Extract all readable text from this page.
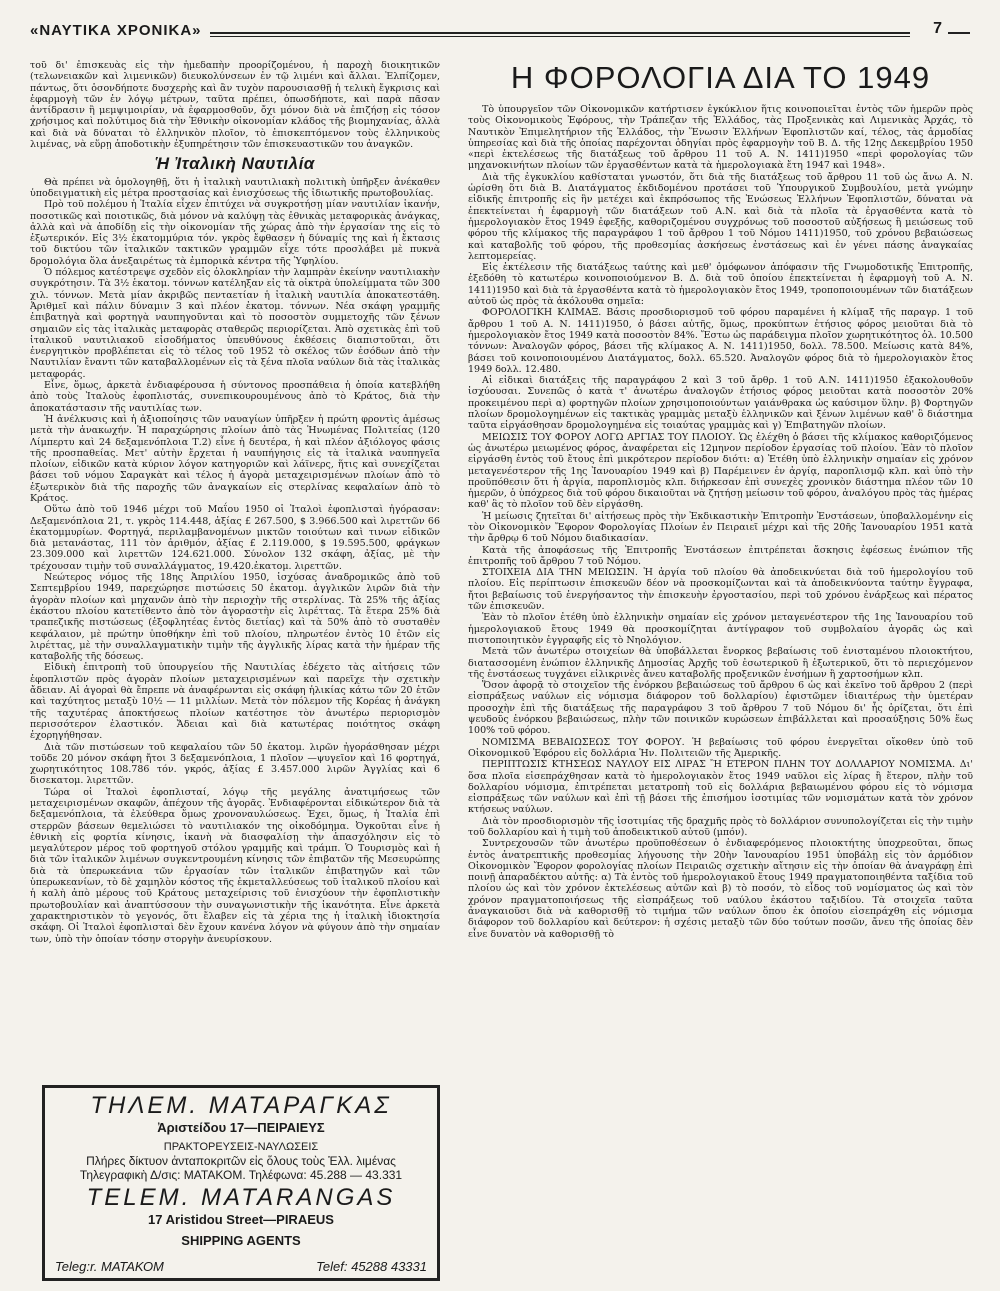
«ΝΑΥΤΙΚΑ ΧΡΟΝΙΚΑ»	7

τοῦ δι' ἐπισκευὰς εἰς τὴν ἡμεδαπὴν προορίζομένου, ἡ παροχὴ διοικητικῶν (τελωνειακῶν καὶ λιμενικῶν) διευκολύνσεων ἐν τῷ λιμένι καὶ ἄλλαι. Ἐλπίζομεν, πάντως, ὅτι ὁσονδήποτε δυσχερὴς καὶ ἂν τυχὸν παρουσιασθῇ ἡ τελικὴ ἔγκρισις καὶ ἐφαρμογὴ τῶν ἐν λόγῳ μέτρων, ταῦτα πρέπει, ὁπωσδήποτε, καὶ παρὰ πᾶσαν ἀντίδρασιν ἢ μεμψιμοιρίαν, νὰ ἐφαρμοσθοῦν, ὄχι μόνον διὰ νὰ ἐπιζήσῃ εἰς τόσον χρήσιμος καὶ πολύτιμος διὰ τὴν Ἐθνικὴν οἰκονομίαν κλάδος τῆς βιομηχανίας, ἀλλὰ καὶ διὰ νὰ δύναται τὸ ἑλληνικὸν πλοῖον, τὸ ἐπισκεπτόμενον τοὺς ἑλληνικοὺς λιμένας, νὰ εὕρῃ ἀποδοτικὴν ἐξυπηρέτησιν τῶν ἐπισκευαστικῶν του ἀναγκῶν.

Ἡ Ἰταλικὴ Ναυτιλία

Θὰ πρέπει νὰ ὁμολογηθῇ, ὅτι ἡ ἰταλικὴ ναυτιλιακὴ πολιτικὴ ὑπῆρξεν ἀνέκαθεν ὑποδειγματικὴ εἰς μέτρα προστασίας καὶ ἐνισχύσεως τῆς ἰδιωτικῆς πρωτοβουλίας.

Πρὸ τοῦ πολέμου ἡ Ἰταλία εἶχεν ἐπιτύχει νὰ συγκροτήσῃ μίαν ναυτιλίαν ἱκανήν, ποσοτικῶς καὶ ποιοτικῶς, διὰ μόνον νὰ καλύψῃ τὰς ἐθνικὰς μεταφορικὰς ἀνάγκας, ἀλλὰ καὶ νὰ ἀποδίδῃ εἰς τὴν οἰκονομίαν τῆς χώρας ἀπὸ τὴν ἐργασίαν της εἰς τὸ ἐξωτερικόν. Εἰς 3½ ἑκατομμύρια τόν. γκρὸς ἔφθασεν ἡ δύναμίς της καὶ ἡ ἔκτασις τοῦ δικτύου τῶν ἰταλικῶν τακτικῶν γραμμῶν εἶχε τότε προσλάβει μὲ πυκνὰ δρομολόγια ὅλα ἀνεξαιρέτως τὰ ἐμπορικὰ κέντρα τῆς Ὑφηλίου.

Ὁ πόλεμος κατέστρεψε σχεδὸν εἰς ὁλοκληρίαν τὴν λαμπρὰν ἐκείνην ναυτιλιακὴν συγκρότησιν. Τὰ 3½ ἑκατομ. τόννων κατέληξαν εἰς τὰ οἰκτρὰ ὑπολείμματα τῶν 300 χιλ. τόννων. Μετὰ μίαν ἀκριβῶς πενταετίαν ἡ ἰταλικὴ ναυτιλία ἀποκατεστάθη. Ἀριθμεῖ καὶ πάλιν δύναμιν 3 καὶ πλέον ἑκατομ. τόννων. Νέα σκάφη γραμμῆς ἐπιβατηγὰ καὶ φορτηγὰ ναυπηγοῦνται καὶ τὸ ποσοστὸν συμμετοχῆς τῶν ξένων σημαιῶν εἰς τὰς ἰταλικὰς μεταφορὰς σταθερῶς περιορίζεται. Ἀπὸ σχετικὰς ἐπὶ τοῦ ἰταλικοῦ ναυτιλιακοῦ εἰσοδήματος ὑπευθύνους ἐκθέσεις διαπιστοῦται, ὅτι ἐνεργητικὸν προβλέπεται εἰς τὸ τέλος τοῦ 1952 τὸ σκέλος τῶν ἐσόδων ἀπὸ τὴν Ναυτιλίαν ἔναντι τῶν καταβαλλομένων εἰς τὰ ξένα πλοῖα ναύλων διὰ τὰς ἰταλικὰς μεταφοράς.

Εἶνε, ὅμως, ἀρκετὰ ἐνδιαφέρουσα ἡ σύντονος προσπάθεια ἡ ὁποία κατεβλήθη ἀπὸ τοὺς Ἰταλοὺς ἐφοπλιστάς, συνεπικουρουμένους ἀπὸ τὸ Κράτος, διὰ τὴν ἀποκατάστασιν τῆς ναυτιλίας των.

Ἡ ἀνέλκυσις καὶ ἡ ἀξιοποίησις τῶν ναυαγίων ὑπῆρξεν ἡ πρώτη φροντὶς ἀμέσως μετὰ τὴν ἀνακωχήν. Ἡ παραχώρησις πλοίων ἀπὸ τὰς Ἡνωμένας Πολιτείας (120 Λίμπερτυ καὶ 24 δεξαμενόπλοια Τ.2) εἶνε ἡ δευτέρα, ἡ καὶ πλέον ἀξιόλογος φάσις τῆς προσπαθείας. Μετ' αὐτὴν ἔρχεται ἡ ναυπήγησις εἰς τὰ ἰταλικὰ ναυπηγεῖα πλοίων, εἰδικῶν κατὰ κύριον λόγον κατηγοριῶν καὶ λάϊνερς, ἥτις καὶ συνεχίζεται βάσει τοῦ νόμου Σαραγκὰτ καὶ τέλος ἡ ἀγορὰ μεταχειρισμένων πλοίων ἀπὸ τὸ ἐξωτερικὸν διὰ τῆς παροχῆς τῶν ἀναγκαίων εἰς στερλίνας κεφαλαίων ἀπὸ τὸ Κράτος.

Οὕτω ἀπὸ τοῦ 1946 μέχρι τοῦ Μαΐου 1950 οἱ Ἰταλοὶ ἐφοπλισταὶ ἠγόρασαν: Δεξαμενόπλοια 21, τ. γκρὸς 114.448, ἀξίας £ 267.500, $ 3.966.500 καὶ λιρεττῶν 66 ἑκατομμυρίων. Φορτηγά, περιλαμβανομένων μικτῶν τοιούτων καὶ τινων εἰδικῶν διὰ μετανάστας, 111 τὸν ἀριθμόν, ἀξίας £ 2.119.000, $ 19.595.500, φράγκων 23.309.000 καὶ λιρεττῶν 124.621.000. Σύνολον 132 σκάφη, ἀξίας, μὲ τὴν τρέχουσαν τιμὴν τοῦ συναλλάγματος, 19.420.ἑκατομ. λιρεττῶν.

Νεώτερος νόμος τῆς 18ης Ἀπριλίου 1950, ἰσχύσας ἀναδρομικῶς ἀπὸ τοῦ Σεπτεμβρίου 1949, παρεχώρησε πιστώσεις 50 ἑκατομ. ἀγγλικῶν λιρῶν διὰ τὴν ἀγορὰν πλοίων καὶ μηχανῶν ἀπὸ τὴν περιοχὴν τῆς στερλίνας. Τὰ 25% τῆς ἀξίας ἑκάστου πλοίου κατετίθεντο ἀπὸ τὸν ἀγοραστὴν εἰς λιρέττας. Τὰ ἕτερα 25% διὰ τραπεζικῆς πιστώσεως (ἐξοφλητέας ἐντὸς διετίας) καὶ τὰ 50% ἀπὸ τὸ συσταθὲν κεφάλαιον, μὲ πρώτην ὑποθήκην ἐπὶ τοῦ πλοίου, πληρωτέον ἐντὸς 10 ἐτῶν εἰς λιρέττας, μὲ τὴν συναλλαγματικὴν τιμὴν τῆς ἀγγλικῆς λίρας κατὰ τὴν ἡμέραν τῆς καταβολῆς τῆς δόσεως.

Εἰδικὴ ἐπιτροπὴ τοῦ ὑπουργείου τῆς Ναυτιλίας ἐδέχετο τὰς αἰτήσεις τῶν ἐφοπλιστῶν πρὸς ἀγορὰν πλοίων μεταχειρισμένων καὶ παρεῖχε τὴν σχετικὴν ἄδειαν. Αἱ ἀγοραὶ θὰ ἔπρεπε νὰ ἀναφέρωνται εἰς σκάφη ἡλικίας κάτω τῶν 20 ἐτῶν καὶ ταχύτητος μεταξὺ 10½ — 11 μιλλίων. Μετὰ τὸν πόλεμον τῆς Κορέας ἡ ἀνάγκη τῆς ταχυτέρας ἀποκτήσεως πλοίων κατέστησε τὸν ἀνωτέρω περιορισμὸν περισσότερον ἐλαστικόν. Ἄδειαι καὶ διὰ κατωτέρας ποιότητος σκάφη ἐχορηγήθησαν.

Διὰ τῶν πιστώσεων τοῦ κεφαλαίου τῶν 50 ἑκατομ. λιρῶν ἠγοράσθησαν μέχρι τοῦδε 20 μόνον σκάφη ἤτοι 3 δεξαμενόπλοια, 1 πλοῖον —ψυγεῖον καὶ 16 φορτηγά, χωρητικότητος 108.786 τόν. γκρός, ἀξίας £ 3.457.000 λιρῶν Ἀγγλίας καὶ 6 δισεκατομ. λιρεττῶν.

Τώρα οἱ Ἰταλοὶ ἐφοπλισταί, λόγῳ τῆς μεγάλης ἀνατιμήσεως τῶν μεταχειρισμένων σκαφῶν, ἀπέχουν τῆς ἀγορᾶς. Ἐνδιαφέρονται εἰδικώτερον διὰ τὰ δεξαμενόπλοια, τὰ ἐλεύθερα ὅμως χρονοναυλώσεως. Ἐχει, ὅμως, ἡ Ἰταλία ἐπὶ στερρῶν βάσεων θεμελιώσει τὸ ναυτιλιακόν της οἰκοδόμημα. Ὀγκοῦται εἶνε ἡ ἐθνικὴ εἰς φορτία κίνησις, ἱκανὴ νὰ διασφαλίσῃ τὴν ἀπασχόλησιν εἰς τὸ μεγαλύτερον μέρος τοῦ φορτηγοῦ στόλου γραμμῆς καὶ τράμπ. Ὁ Τουρισμὸς καὶ ἡ διὰ τῶν ἰταλικῶν λιμένων συγκεντρουμένη κίνησις τῶν ἐπιβατῶν τῆς Μεσευρώπης διὰ τὰ ὑπερωκεάνια τῶν ἐργασίαν τῶν ἰταλικῶν ἐπιβατηγῶν καὶ τῶν ὑπερωκεανίων, τὸ δὲ χαμηλὸν κόστος τῆς ἐκμεταλλεύσεως τοῦ ἰταλικοῦ πλοίου καὶ ἡ καλὴ ἀπὸ μέρους τοῦ Κράτους μεταχείρισις τοῦ ἐνισχύουν τὴν ἐφοπλιστικὴν πρωτοβουλίαν καὶ ἀναπτύσσουν τὴν συναγωνιστικὴν τῆς ἱκανότητα. Εἶνε ἀρκετὰ χαρακτηριστικὸν τὸ γεγονός, ὅτι ἔλαβεν εἰς τὰ χέρια της ἡ ἰταλικὴ ἰδιοκτησία σκάφη. Οἱ Ἰταλοὶ ἐφοπλισταὶ δὲν ἔχουν κανένα λόγον νὰ φύγουν ἀπὸ τὴν σημαίαν των, ὑπὸ τὴν ὁποίαν τόσην στοργὴν ἀνευρίσκουν.

ΤΗΛΕΜ. ΜΑΤΑΡΑΓΚΑΣ
Ἀριστείδου 17—ΠΕΙΡΑΙΕΥΣ
ΠΡΑΚΤΟΡΕΥΣΕΙΣ-ΝΑΥΛΩΣΕΙΣ
Πλήρες δίκτυον ἀνταποκριτῶν εἰς ὅλους τοὺς Ἑλλ. λιμένας
Τηλεγραφικὴ Δ/σις: ΜΑΤΑΚΟΜ. Τηλέφωνα: 45.288 — 43.331
TELEM. MATARANGAS
17 Aristidou Street—PIRAEUS
SHIPPING AGENTS
Teleg:r. ΜΑΤΑΚΟΜ	Telef: 45288 43331
Η ΦΟΡΟΛΟΓΙΑ ΔΙΑ ΤΟ 1949

Τὸ ὑπουργεῖον τῶν Οἰκονομικῶν κατήρτισεν ἐγκύκλιον ἥτις κοινοποιεῖται ἐντὸς τῶν ἡμερῶν πρὸς τοὺς Οἰκονομικοὺς Ἐφόρους, τὴν Τράπεζαν τῆς Ἑλλάδος, τὰς Προξενικὰς καὶ Λιμενικὰς Ἀρχάς, τὸ Ναυτικὸν Ἐπιμελητήριον τῆς Ἑλλάδος, τὴν Ἕνωσιν Ἑλλήνων Ἐφοπλιστῶν καί, τέλος, τὰς ἁρμοδίας ὑπηρεσίας καὶ διὰ τῆς ὁποίας παρέχονται ὁδηγίαι πρὸς ἐφαρμογὴν τοῦ Β. Δ. τῆς 12ης Δεκεμβρίου 1950 «περὶ ἐκτελέσεως τῆς διατάξεως τοῦ ἄρθρου 11 τοῦ Α. Ν. 1411)1950 «περὶ φορολογίας τῶν μηχανοκινήτων πλοίων τῶν ἐργασθέντων κατὰ τὰ ἡμερολογιακὰ ἔτη 1947 καὶ 1948».

Διὰ τῆς ἐγκυκλίου καθίσταται γνωστόν, ὅτι διὰ τῆς διατάξεως τοῦ ἄρθρου 11 τοῦ ὡς ἄνω Α. Ν. ὡρίσθη ὅτι διὰ Β. Διατάγματος ἐκδιδομένου προτάσει τοῦ Ὑπουργικοῦ Συμβουλίου, μετὰ γνώμην εἰδικῆς ἐπιτροπῆς εἰς ἣν μετέχει καὶ ἐκπρόσωπος τῆς Ἑνώσεως Ἑλλήνων Ἐφοπλιστῶν, δύναται νὰ ἐπεκτείνεται ἡ ἐφαρμογὴ τῶν διατάξεων τοῦ Α.Ν. καὶ διὰ τὰ πλοῖα τὰ ἐργασθέντα κατὰ τὸ ἡμερολογιακὸν ἔτος 1949 ἐφεξῆς, καθοριζομένου συγχρόνως τοῦ ποσοστοῦ αὐξήσεως ἢ μειώσεως τοῦ φόρου τῆς κλίμακος τῆς παραγράφου 1 τοῦ ἄρθρου 1 τοῦ Νόμου 1411)1950, τοῦ χρόνου βεβαιώσεως καὶ καταβολῆς τοῦ φόρου, τῆς προθεσμίας ἀσκήσεως ἐνστάσεως καὶ ἐν γένει πάσης ἀναγκαίας λεπτομερείας.

Εἰς ἐκτέλεσιν τῆς διατάξεως ταύτης καὶ μεθ' ὁμόφωνον ἀπόφασιν τῆς Γνωμοδοτικῆς Ἐπιτροπῆς, ἐξεδόθη τὸ κατωτέρω κοινοποιούμενον Β. Δ. διὰ τοῦ ὁποίου ἐπεκτείνεται ἡ ἐφαρμογὴ τοῦ Α. Ν. 1411)1950 καὶ διὰ τὰ ἐργασθέντα κατὰ τὸ ἡμερολογιακὸν ἔτος 1949, τροποποιουμένων τῶν διατάξεων αὐτοῦ ὡς πρὸς τὰ ἀκόλουθα σημεῖα:

ΦΟΡΟΛΟΓΙΚΗ ΚΛΙΜΑΞ. Βάσις προσδιορισμοῦ τοῦ φόρου παραμένει ἡ κλίμαξ τῆς παραγρ. 1 τοῦ ἄρθρου 1 τοῦ Α. Ν. 1411)1950, ὁ βάσει αὐτῆς, ὅμως, προκύπτων ἐτήσιος φόρος μειοῦται διὰ τὸ ἡμερολογιακὸν ἔτος 1949 κατὰ ποσοστὸν 84%. Ἔστω ὡς παράδειγμα πλοῖον χωρητικότητος ὁλ. 10.500 τόννων: Ἀναλογῶν φόρος, βάσει τῆς κλίμακος Α. Ν. 1411)1950, δολλ. 78.500. Μείωσις κατὰ 84%, βάσει τοῦ κοινοποιουμένου Διατάγματος, δολλ. 65.520. Ἀναλογῶν φόρος διὰ τὸ ἡμερολογιακὸν ἔτος 1949 δολλ. 12.480.

Αἱ εἰδικαὶ διατάξεις τῆς παραγράφου 2 καὶ 3 τοῦ ἄρθρ. 1 τοῦ Α.Ν. 1411)1950 ἐξακολουθοῦν ἰσχύουσαι. Συνεπῶς ὁ κατὰ τ' ἀνωτέρω ἀναλογῶν ἐτήσιος φόρος μειοῦται κατὰ ποσοστὸν 20% προκειμένου περὶ α) φορτηγῶν πλοίων χρησιμοποιούντων γαιάνθρακα ὡς καύσιμον ὕλην. β) Φορτηγῶν πλοίων δρομολογημένων εἰς τακτικὰς γραμμὰς μεταξὺ ἑλληνικῶν καὶ ξένων λιμένων καθ' ὃ διάστημα ταῦτα εἰργάσθησαν δρομολογημένα εἰς τοιαύτας γραμμὰς καὶ γ) Ἐπιβατηγῶν πλοίων.

ΜΕΙΩΣΙΣ ΤΟΥ ΦΟΡΟΥ ΛΟΓΩ ΑΡΓΙΑΣ ΤΟΥ ΠΛΟΙΟΥ. Ὡς ἐλέχθη ὁ βάσει τῆς κλίμακος καθοριζόμενος ὡς ἀνωτέρω μειωμένος φόρος, ἀναφέρεται εἰς 12μηνον περίοδον ἐργασίας τοῦ πλοίου. Ἐὰν τὸ πλοῖον εἰργάσθη ἐντὸς τοῦ ἔτους ἐπὶ μικρότερον περίοδον διότι: α) Ἐτέθη ὑπὸ ἑλληνικὴν σημαίαν εἰς χρόνον μεταγενέστερον τῆς 1ης Ἰανουαρίου 1949 καὶ β) Παρέμεινεν ἐν ἀργίᾳ, παροπλισμῷ κλπ. καὶ ὑπὸ τὴν προϋπόθεσιν ὅτι ἡ ἀργία, παροπλισμὸς κλπ. διήρκεσαν ἐπὶ συνεχὲς χρονικὸν διάστημα πλέον τῶν 10 ἡμερῶν, ὁ ὑπόχρεος διὰ τοῦ φόρου δικαιοῦται νὰ ζητήσῃ μείωσιν τοῦ φόρου, ἀναλόγου πρὸς τὰς ἡμέρας καθ' ἃς τὸ πλοῖον τοῦ δὲν εἰργάσθη.

Ἡ μείωσις ζητεῖται δι' αἰτήσεως πρὸς τὴν Ἐκδικαστικὴν Ἐπιτροπὴν Ἐνστάσεων, ὑποβαλλομένην εἰς τὸν Οἰκονομικὸν Ἔφορον Φορολογίας Πλοίων ἐν Πειραιεῖ μέχρι καὶ τῆς 20ῆς Ἰανουαρίου 1951 κατὰ τὴν ἄρθρῳ 6 τοῦ Νόμου διαδικασίαν.

Κατὰ τῆς ἀποφάσεως τῆς Ἐπιτροπῆς Ἐνστάσεων ἐπιτρέπεται ἄσκησις ἐφέσεως ἐνώπιον τῆς ἐπιτροπῆς τοῦ ἄρθρου 7 τοῦ Νόμου.

ΣΤΟΙΧΕΙΑ ΔΙΑ ΤΗΝ ΜΕΙΩΣΙΝ. Ἡ ἀργία τοῦ πλοίου θὰ ἀποδεικνύεται διὰ τοῦ ἡμερολογίου τοῦ πλοίου. Εἰς περίπτωσιν ἐπισκευῶν δέον νὰ προσκομίζωνται καὶ τὰ ἀποδεικνύοντα ταύτην ἔγγραφα, ἤτοι βεβαίωσις τοῦ ἐνεργήσαντος τὴν ἐπισκευὴν ἐργοστασίου, περὶ τοῦ χρόνου ἐνάρξεως καὶ πέρατος τῶν ἐπισκευῶν.

Ἐὰν τὸ πλοῖον ἐτέθη ὑπὸ ἑλληνικὴν σημαίαν εἰς χρόνον μεταγενέστερον τῆς 1ης Ἰανουαρίου τοῦ ἡμερολογιακοῦ ἔτους 1949 θὰ προσκομίζηται ἀντίγραφον τοῦ συμβολαίου ἀγορᾶς ὡς καὶ πιστοποιητικὸν ἐγγραφῆς εἰς τὸ Νηολόγιον.

Μετὰ τῶν ἀνωτέρω στοιχείων θὰ ὑποβάλλεται ἔνορκος βεβαίωσις τοῦ ἐνισταμένου πλοιοκτήτου, διατασσομένη ἐνώπιον ἑλληνικῆς Δημοσίας Ἀρχῆς τοῦ ἐσωτερικοῦ ἢ ἐξωτερικοῦ, ὅτι τὸ περιεχόμενον τῆς ἐνστάσεως τυγχάνει εἰλικρινὲς ἄνευ καταβολῆς προξενικῶν ἐνσήμων ἢ χαρτοσήμων κλπ.

Ὅσον ἀφορᾷ τὸ στοιχεῖον τῆς ἐνόρκου βεβαιώσεως τοῦ ἄρθρου 6 ὡς καὶ ἐκεῖνο τοῦ ἄρθρου 2 (περὶ εἰσπράξεως ναύλων εἰς νόμισμα διάφορον τοῦ δολλαρίου) ἐφιστῶμεν ἰδιαιτέρως τὴν ὑμετέραν προσοχὴν ἐπὶ τῆς διατάξεως τῆς παραγράφου 3 τοῦ ἄρθρου 7 τοῦ Νόμου δι' ἧς ὁρίζεται, ὅτι ἐπὶ ψευδοῦς ἐνόρκου βεβαιώσεως, πλὴν τῶν ποινικῶν κυρώσεων ἐπιβάλλεται καὶ προσαύξησις 50% ἕως 100% τοῦ φόρου.

ΝΟΜΙΣΜΑ ΒΕΒΑΙΩΣΕΩΣ ΤΟΥ ΦΟΡΟΥ. Ἡ βεβαίωσις τοῦ φόρου ἐνεργεῖται οἴκοθεν ὑπὸ τοῦ Οἰκονομικοῦ Ἐφόρου εἰς δολλάρια Ἡν. Πολιτειῶν τῆς Ἀμερικῆς.

ΠΕΡΙΠΤΩΣΙΣ ΚΤΗΣΕΩΣ ΝΑΥΛΟΥ ΕΙΣ ΛΙΡΑΣ Ἢ ΕΤΕΡΟΝ ΠΛΗΝ ΤΟΥ ΔΟΛΛΑΡΙΟΥ ΝΟΜΙΣΜΑ. Δι' ὅσα πλοῖα εἰσεπράχθησαν κατὰ τὸ ἡμερολογιακὸν ἔτος 1949 ναῦλοι εἰς λίρας ἢ ἕτερον, πλὴν τοῦ δολλαρίου νόμισμα, ἐπιτρέπεται μετατροπὴ τοῦ εἰς δολλάρια βεβαιωμένου φόρου εἰς τὸ νόμισμα εἰσπράξεως τῶν ναύλων καὶ ἐπὶ τῇ βάσει τῆς ἐπισήμου ἰσοτιμίας τῶν νομισμάτων κατὰ τὸν χρόνον κτήσεως ναύλων.

Διὰ τὸν προσδιορισμὸν τῆς ἰσοτιμίας τῆς δραχμῆς πρὸς τὸ δολλάριον συνυπολογίζεται εἰς τὴν τιμὴν τοῦ δολλαρίου καὶ ἡ τιμὴ τοῦ ἀποδεικτικοῦ αὐτοῦ (μπόν).

Συντρεχουσῶν τῶν ἀνωτέρω προϋποθέσεων ὁ ἐνδιαφερόμενος πλοιοκτήτης ὑποχρεοῦται, ὅπως ἐντὸς ἀνατρεπτικῆς προθεσμίας λήγουσης τὴν 20ὴν Ἰανουαρίου 1951 ὑποβάλῃ εἰς τὸν ἁρμόδιον Οἰκονομικὸν Ἔφορον φορολογίας πλοίων Πειραιῶς σχετικὴν αἴτησιν εἰς τὴν ὁποίαν θὰ ἀναγράφῃ ἐπὶ ποινῇ ἀπαραδέκτου αὐτῆς: α) Τὰ ἐντὸς τοῦ ἡμερολογιακοῦ ἔτους 1949 πραγματοποιηθέντα ταξίδια τοῦ πλοίου ὡς καὶ τὸν χρόνον ἐκτελέσεως αὐτῶν καὶ β) τὸ ποσόν, τὸ εἶδος τοῦ νομίσματος ὡς καὶ τὸν χρόνον πραγματοποιήσεως τῆς εἰσπράξεως τοῦ ναύλου ἑκάστου ταξιδίου. Τὰ στοιχεῖα ταῦτα ἀναγκαιοῦσι διὰ νὰ καθορισθῇ τὸ τιμήμα τῶν ναύλων ὅπου ἐκ ὁποίου εἰσεπράχθη εἰς νόμισμα διάφορον τοῦ δολλαρίου καὶ δεύτερον: ἡ σχέσις μεταξὺ τῶν δύο τούτων ποσῶν, ἄνευ τῆς ὁποίας δὲν εἶνε δυνατὸν νὰ καθορισθῇ τὸ
